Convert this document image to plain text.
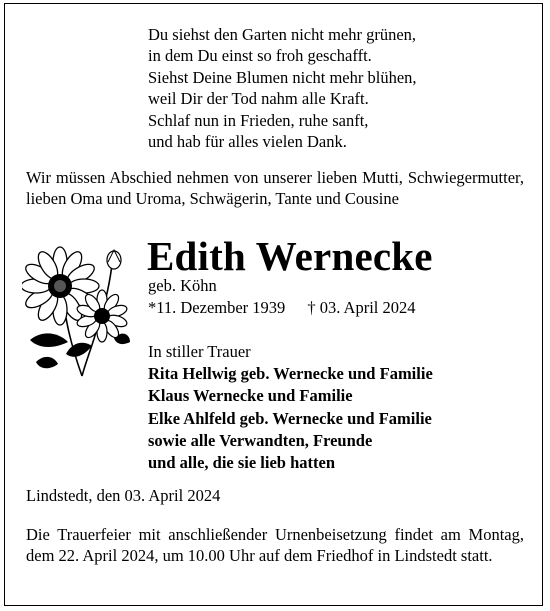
Du siehst den Garten nicht mehr grünen,
in dem Du einst so froh geschafft.
Siehst Deine Blumen nicht mehr blühen,
weil Dir der Tod nahm alle Kraft.
Schlaf nun in Frieden, ruhe sanft,
und hab für alles vielen Dank.
Wir müssen Abschied nehmen von unserer lieben Mutti, Schwiegermutter, lieben Oma und Uroma, Schwägerin, Tante und Cousine
Edith Wernecke
geb. Köhn
*11. Dezember 1939 † 03. April 2024
In stiller Trauer
Rita Hellwig geb. Wernecke und Familie
Klaus Wernecke und Familie
Elke Ahlfeld geb. Wernecke und Familie
sowie alle Verwandten, Freunde
und alle, die sie lieb hatten
Lindstedt, den 03. April 2024
Die Trauerfeier mit anschließender Urnenbeisetzung findet am Montag, dem 22. April 2024, um 10.00 Uhr auf dem Friedhof in Lindstedt statt.
